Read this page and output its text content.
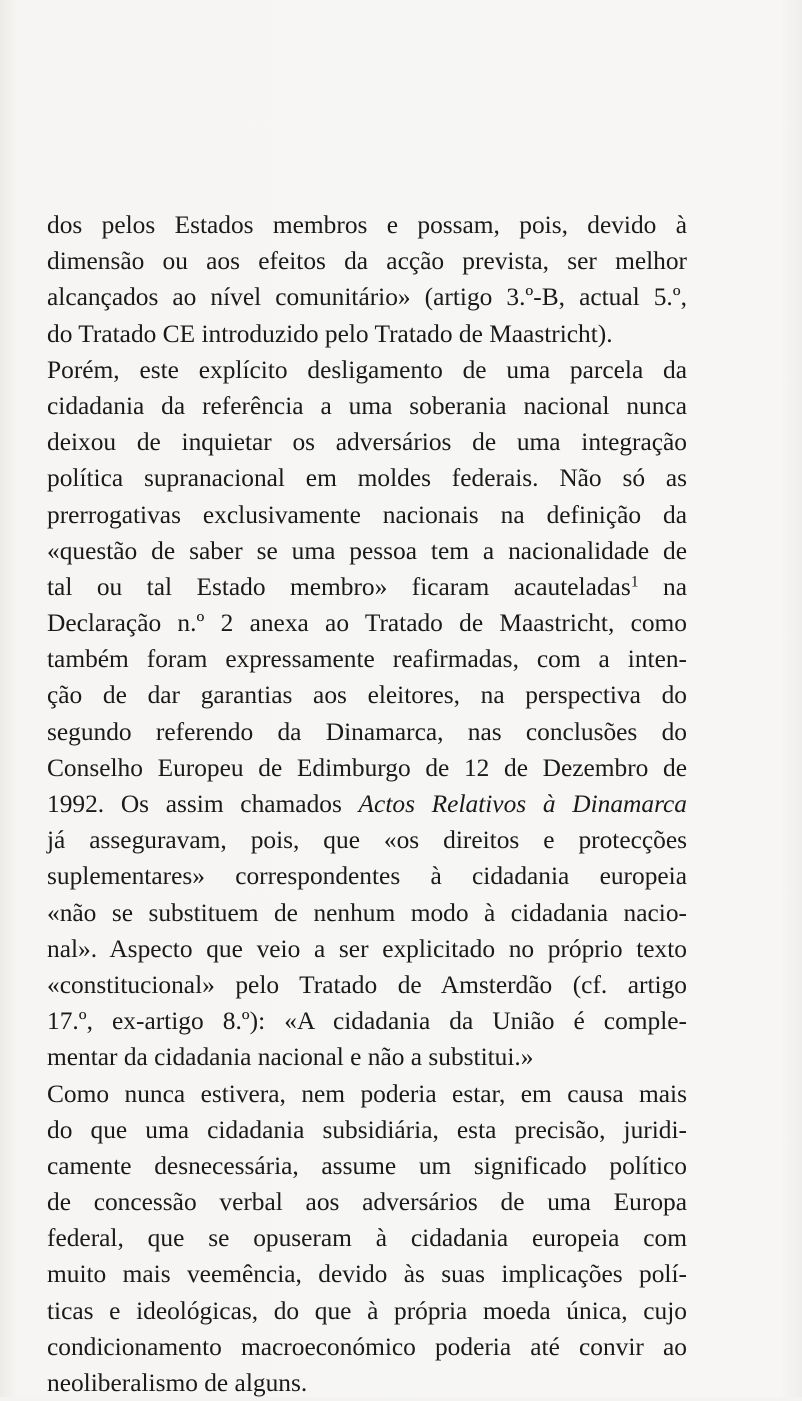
dos pelos Estados membros e possam, pois, devido à
dimensão ou aos efeitos da acção prevista, ser melhor
alcançados ao nível comunitário» (artigo 3.º-B, actual 5.º,
do Tratado CE introduzido pelo Tratado de Maastricht).
Porém, este explícito desligamento de uma parcela da
cidadania da referência a uma soberania nacional nunca
deixou de inquietar os adversários de uma integração
política supranacional em moldes federais. Não só as
prerrogativas exclusivamente nacionais na definição da
«questão de saber se uma pessoa tem a nacionalidade de
tal ou tal Estado membro» ficaram acauteladas$^1$ na
Declaração n.º 2 anexa ao Tratado de Maastricht, como
também foram expressamente reafirmadas, com a inten-
ção de dar garantias aos eleitores, na perspectiva do
segundo referendo da Dinamarca, nas conclusões do
Conselho Europeu de Edimburgo de 12 de Dezembro de
1992. Os assim chamados Actos Relativos à Dinamarca
já asseguravam, pois, que «os direitos e protecções
suplementares» correspondentes à cidadania europeia
«não se substituem de nenhum modo à cidadania nacio-
nal». Aspecto que veio a ser explicitado no próprio texto
«constitucional» pelo Tratado de Amsterdão (cf. artigo
17.º, ex-artigo 8.º): «A cidadania da União é comple-
mentar da cidadania nacional e não a substitui.»
Como nunca estivera, nem poderia estar, em causa mais
do que uma cidadania subsidiária, esta precisão, juridi-
camente desnecessária, assume um significado político
de concessão verbal aos adversários de uma Europa
federal, que se opuseram à cidadania europeia com
muito mais veemência, devido às suas implicações polí-
ticas e ideológicas, do que à própria moeda única, cujo
condicionamento macroeconómico poderia até convir ao
neoliberalismo de alguns.
